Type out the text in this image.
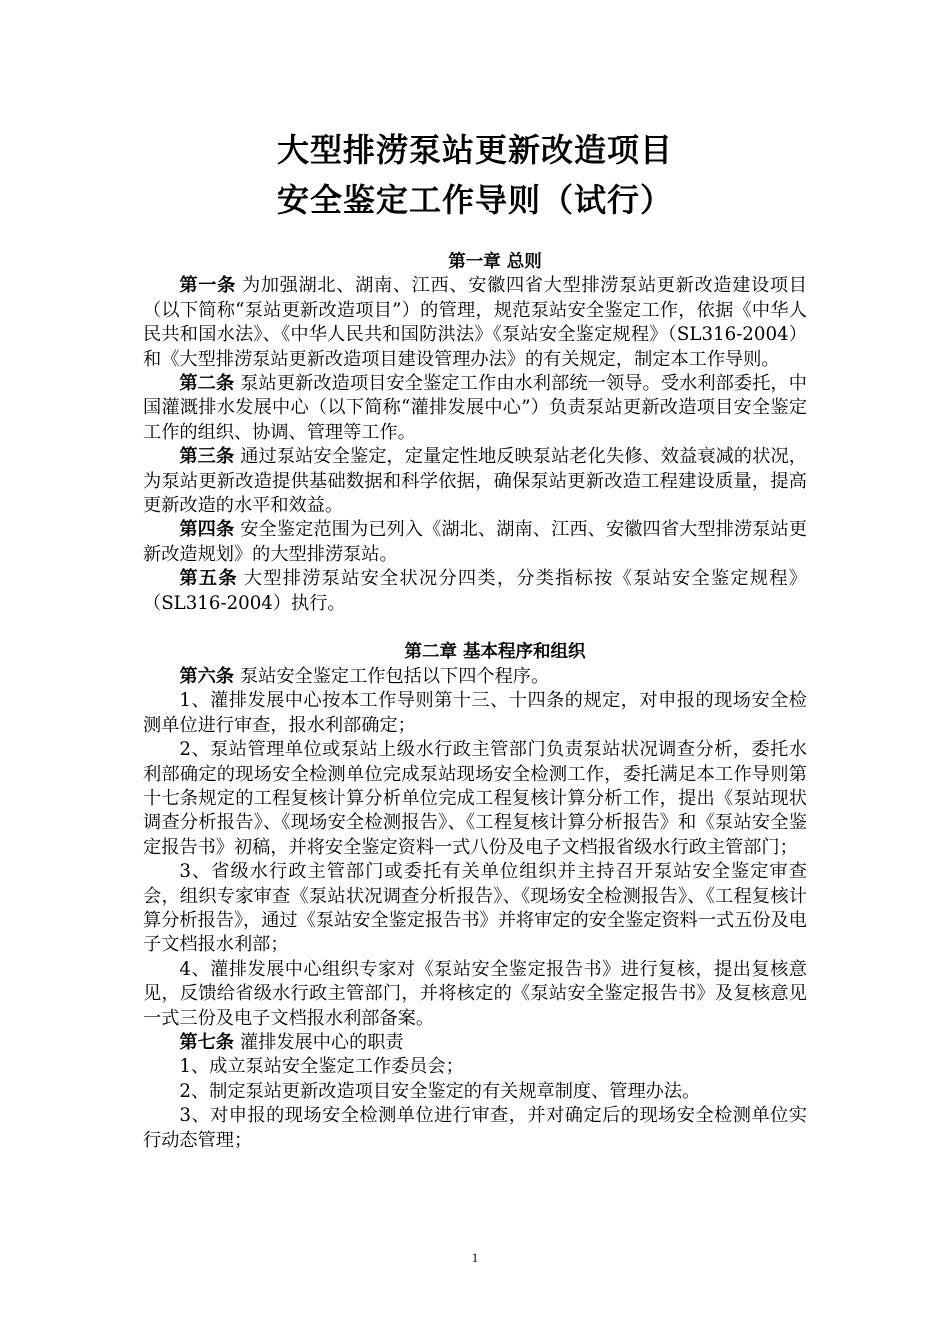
大型排涝泵站更新改造项目
安全鉴定工作导则（试行）
第一章 总则
第一条 为加强湖北、湖南、江西、安徽四省大型排涝泵站更新改造建设项目（以下简称“泵站更新改造项目”）的管理，规范泵站安全鉴定工作，依据《中华人民共和国水法》、《中华人民共和国防洪法》《泵站安全鉴定规程》（SL316-2004）和《大型排涝泵站更新改造项目建设管理办法》的有关规定，制定本工作导则。
第二条 泵站更新改造项目安全鉴定工作由水利部统一领导。受水利部委托，中国灌溉排水发展中心（以下简称“灌排发展中心”）负责泵站更新改造项目安全鉴定工作的组织、协调、管理等工作。
第三条 通过泵站安全鉴定，定量定性地反映泵站老化失修、效益衰减的状况，为泵站更新改造提供基础数据和科学依据，确保泵站更新改造工程建设质量，提高更新改造的水平和效益。
第四条 安全鉴定范围为已列入《湖北、湖南、江西、安徽四省大型排涝泵站更新改造规划》的大型排涝泵站。
第五条 大型排涝泵站安全状况分四类，分类指标按《泵站安全鉴定规程》（SL316-2004）执行。
第二章 基本程序和组织
第六条 泵站安全鉴定工作包括以下四个程序。
1、灌排发展中心按本工作导则第十三、十四条的规定，对申报的现场安全检测单位进行审查，报水利部确定；
2、泵站管理单位或泵站上级水行政主管部门负责泵站状况调查分析，委托水利部确定的现场安全检测单位完成泵站现场安全检测工作，委托满足本工作导则第十七条规定的工程复核计算分析单位完成工程复核计算分析工作，提出《泵站现状调查分析报告》、《现场安全检测报告》、《工程复核计算分析报告》和《泵站安全鉴定报告书》初稿，并将安全鉴定资料一式八份及电子文档报省级水行政主管部门；
3、省级水行政主管部门或委托有关单位组织并主持召开泵站安全鉴定审查会，组织专家审查《泵站状况调查分析报告》、《现场安全检测报告》、《工程复核计算分析报告》，通过《泵站安全鉴定报告书》并将审定的安全鉴定资料一式五份及电子文档报水利部；
4、灌排发展中心组织专家对《泵站安全鉴定报告书》进行复核，提出复核意见，反馈给省级水行政主管部门，并将核定的《泵站安全鉴定报告书》及复核意见一式三份及电子文档报水利部备案。
第七条 灌排发展中心的职责
1、成立泵站安全鉴定工作委员会；
2、制定泵站更新改造项目安全鉴定的有关规章制度、管理办法。
3、对申报的现场安全检测单位进行审查，并对确定后的现场安全检测单位实行动态管理；
1
